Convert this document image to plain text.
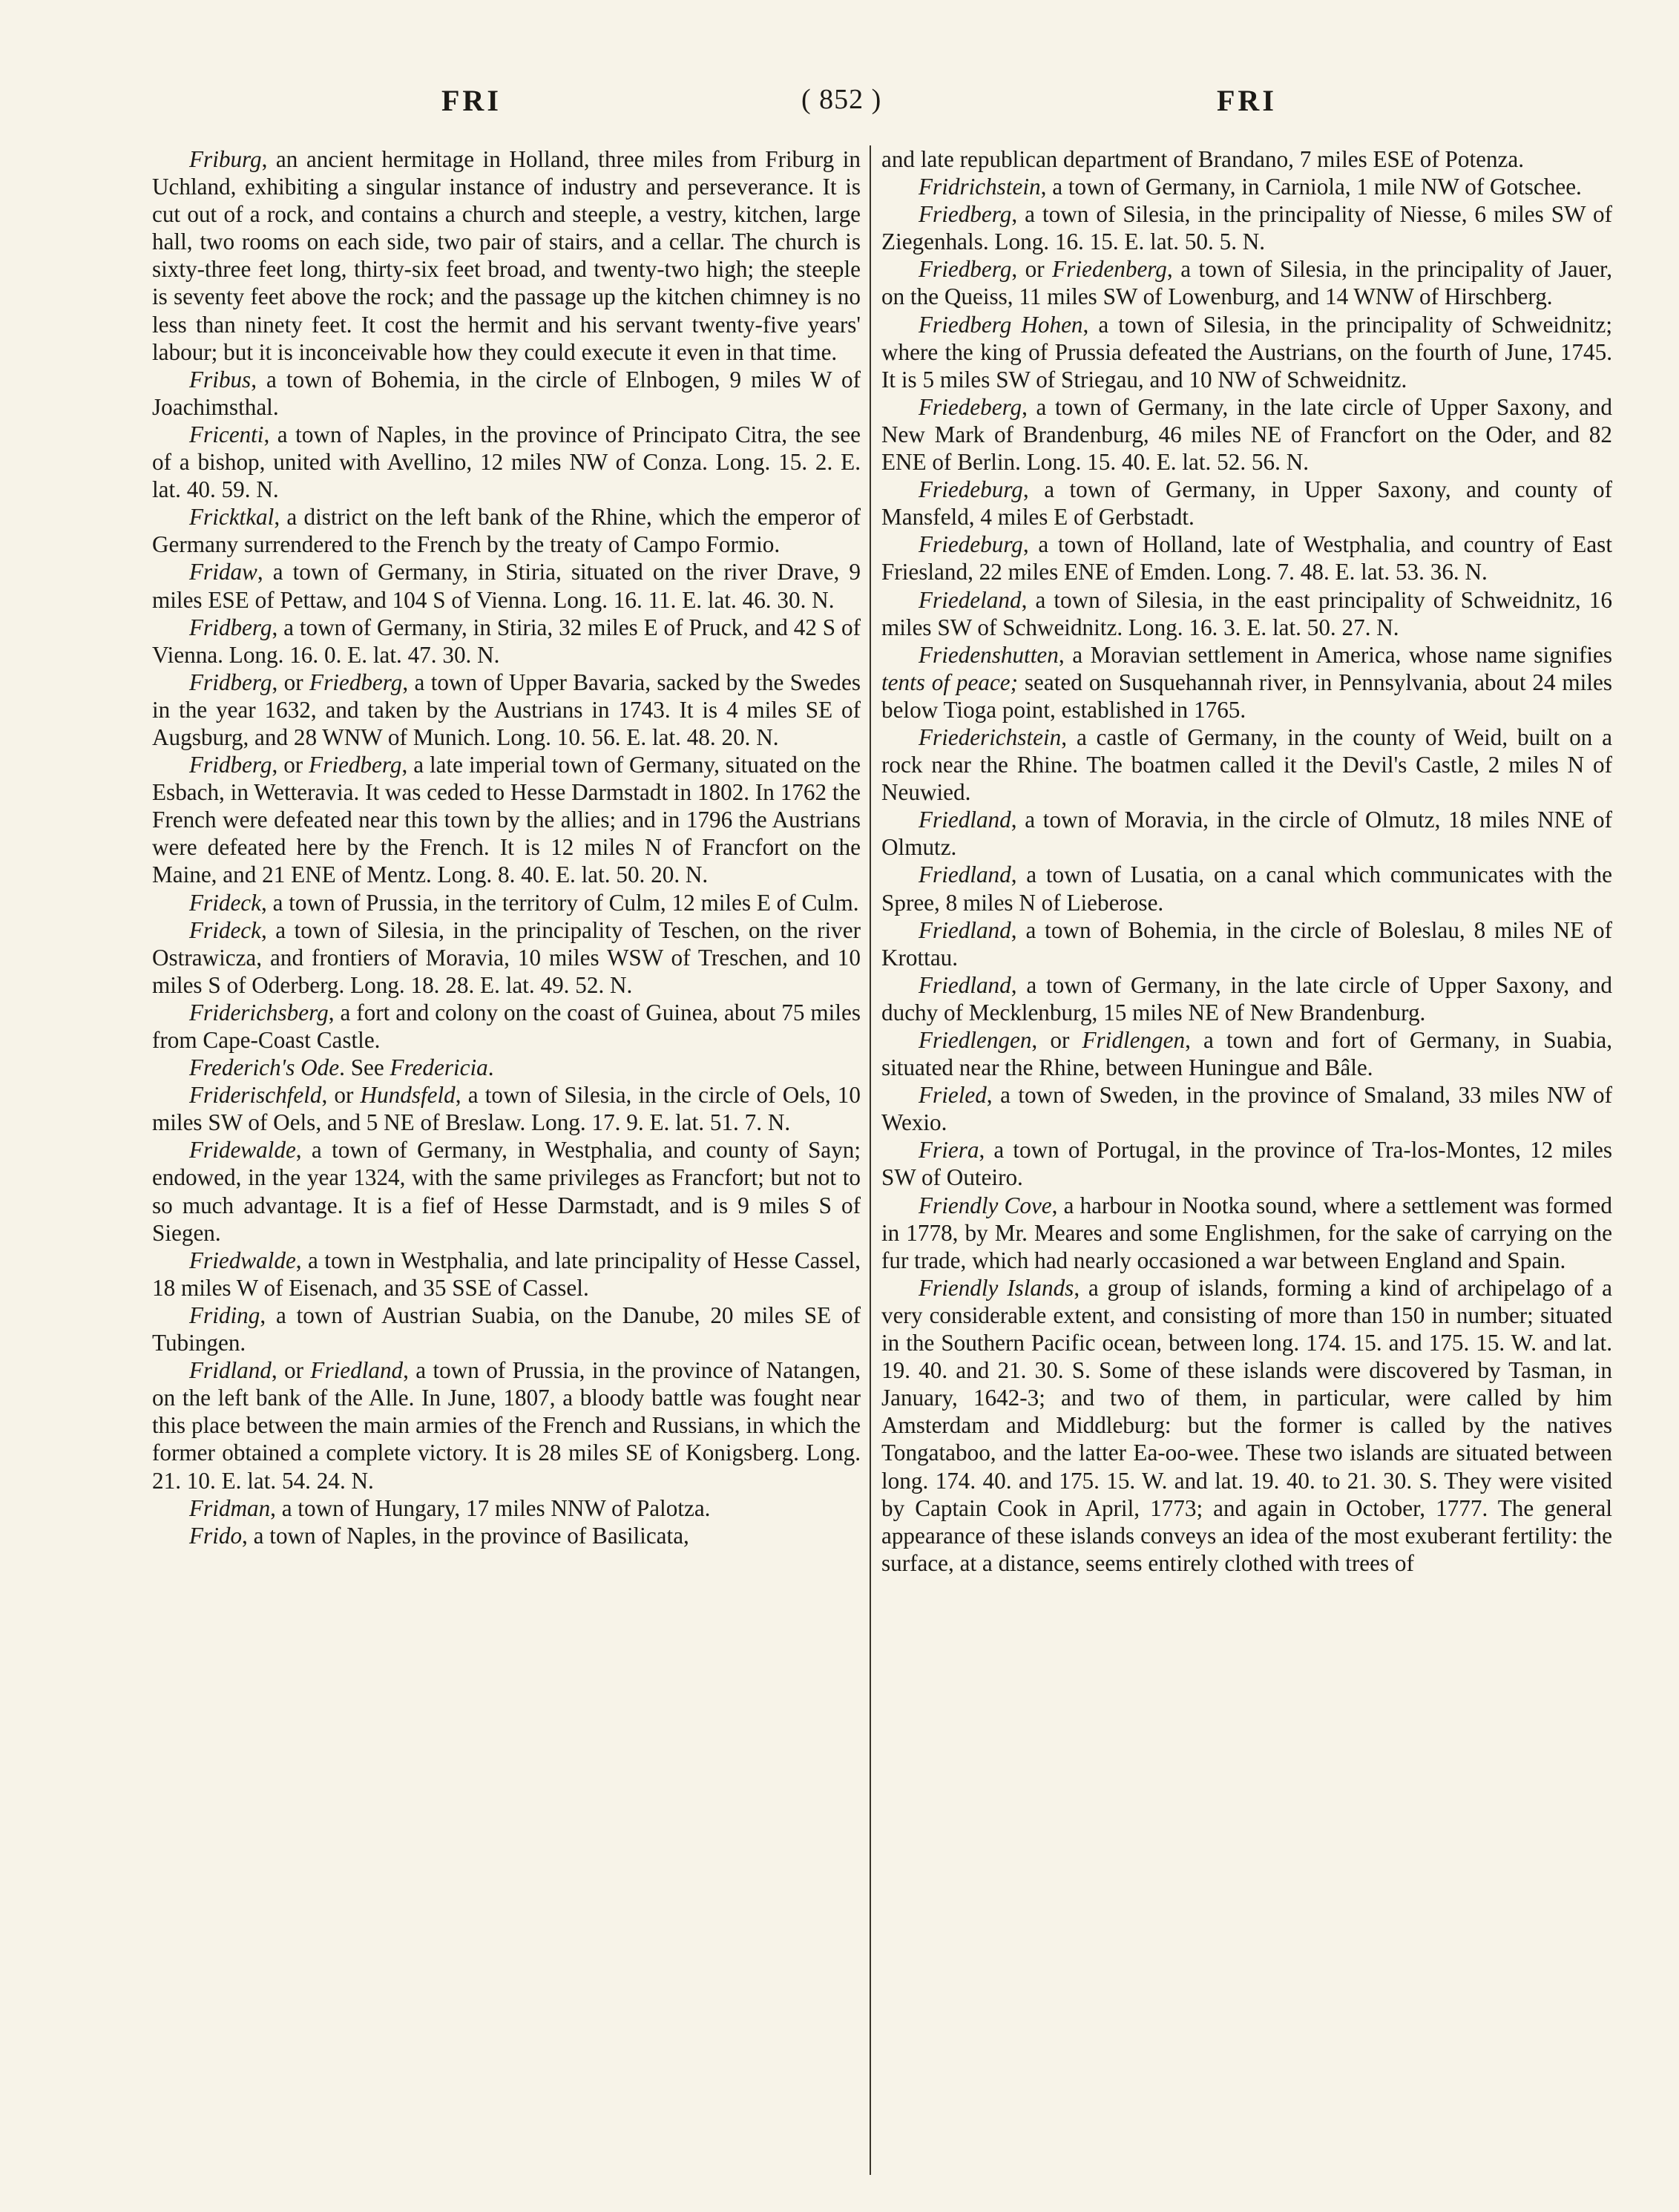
FRI	( 852 )	FRI

Friburg, an ancient hermitage in Holland, three miles from Friburg in Uchland, exhibiting a singular instance of industry and perseverance. It is cut out of a rock, and contains a church and steeple, a vestry, kitchen, large hall, two rooms on each side, two pair of stairs, and a cellar. The church is sixty-three feet long, thirty-six feet broad, and twenty-two high; the steeple is seventy feet above the rock; and the passage up the kitchen chimney is no less than ninety feet. It cost the hermit and his servant twenty-five years' labour; but it is inconceivable how they could execute it even in that time.

Fribus, a town of Bohemia, in the circle of Elnbogen, 9 miles W of Joachimsthal.

Fricenti, a town of Naples, in the province of Principato Citra, the see of a bishop, united with Avellino, 12 miles NW of Conza. Long. 15. 2. E. lat. 40. 59. N.

Fricktkal, a district on the left bank of the Rhine, which the emperor of Germany surrendered to the French by the treaty of Campo Formio.

Fridaw, a town of Germany, in Stiria, situated on the river Drave, 9 miles ESE of Pettaw, and 104 S of Vienna. Long. 16. 11. E. lat. 46. 30. N.

Fridberg, a town of Germany, in Stiria, 32 miles E of Pruck, and 42 S of Vienna. Long. 16. 0. E. lat. 47. 30. N.

Fridberg, or Friedberg, a town of Upper Bavaria, sacked by the Swedes in the year 1632, and taken by the Austrians in 1743. It is 4 miles SE of Augsburg, and 28 WNW of Munich. Long. 10. 56. E. lat. 48. 20. N.

Fridberg, or Friedberg, a late imperial town of Germany, situated on the Esbach, in Wetteravia. It was ceded to Hesse Darmstadt in 1802. In 1762 the French were defeated near this town by the allies; and in 1796 the Austrians were defeated here by the French. It is 12 miles N of Francfort on the Maine, and 21 ENE of Mentz. Long. 8. 40. E. lat. 50. 20. N.

Frideck, a town of Prussia, in the territory of Culm, 12 miles E of Culm.

Frideck, a town of Silesia, in the principality of Teschen, on the river Ostrawicza, and frontiers of Moravia, 10 miles WSW of Treschen, and 10 miles S of Oderberg. Long. 18. 28. E. lat. 49. 52. N.

Friderichsberg, a fort and colony on the coast of Guinea, about 75 miles from Cape-Coast Castle.

Frederich's Ode. See Fredericia.

Friderischfeld, or Hundsfeld, a town of Silesia, in the circle of Oels, 10 miles SW of Oels, and 5 NE of Breslaw. Long. 17. 9. E. lat. 51. 7. N.

Fridewalde, a town of Germany, in Westphalia, and county of Sayn; endowed, in the year 1324, with the same privileges as Francfort; but not to so much advantage. It is a fief of Hesse Darmstadt, and is 9 miles S of Siegen.

Friedwalde, a town in Westphalia, and late principality of Hesse Cassel, 18 miles W of Eisenach, and 35 SSE of Cassel.

Friding, a town of Austrian Suabia, on the Danube, 20 miles SE of Tubingen.

Fridland, or Friedland, a town of Prussia, in the province of Natangen, on the left bank of the Alle. In June, 1807, a bloody battle was fought near this place between the main armies of the French and Russians, in which the former obtained a complete victory. It is 28 miles SE of Konigsberg. Long. 21. 10. E. lat. 54. 24. N.

Fridman, a town of Hungary, 17 miles NNW of Palotza.

Frido, a town of Naples, in the province of Basilicata,

and late republican department of Brandano, 7 miles ESE of Potenza.

Fridrichstein, a town of Germany, in Carniola, 1 mile NW of Gotschee.

Friedberg, a town of Silesia, in the principality of Niesse, 6 miles SW of Ziegenhals. Long. 16. 15. E. lat. 50. 5. N.

Friedberg, or Friedenberg, a town of Silesia, in the principality of Jauer, on the Queiss, 11 miles SW of Lowenburg, and 14 WNW of Hirschberg.

Friedberg Hohen, a town of Silesia, in the principality of Schweidnitz; where the king of Prussia defeated the Austrians, on the fourth of June, 1745. It is 5 miles SW of Striegau, and 10 NW of Schweidnitz.

Friedeberg, a town of Germany, in the late circle of Upper Saxony, and New Mark of Brandenburg, 46 miles NE of Francfort on the Oder, and 82 ENE of Berlin. Long. 15. 40. E. lat. 52. 56. N.

Friedeburg, a town of Germany, in Upper Saxony, and county of Mansfeld, 4 miles E of Gerbstadt.

Friedeburg, a town of Holland, late of Westphalia, and country of East Friesland, 22 miles ENE of Emden. Long. 7. 48. E. lat. 53. 36. N.

Friedeland, a town of Silesia, in the east principality of Schweidnitz, 16 miles SW of Schweidnitz. Long. 16. 3. E. lat. 50. 27. N.

Friedenshutten, a Moravian settlement in America, whose name signifies tents of peace; seated on Susquehannah river, in Pennsylvania, about 24 miles below Tioga point, established in 1765.

Friederichstein, a castle of Germany, in the county of Weid, built on a rock near the Rhine. The boatmen called it the Devil's Castle, 2 miles N of Neuwied.

Friedland, a town of Moravia, in the circle of Olmutz, 18 miles NNE of Olmutz.

Friedland, a town of Lusatia, on a canal which communicates with the Spree, 8 miles N of Lieberose.

Friedland, a town of Bohemia, in the circle of Boleslau, 8 miles NE of Krottau.

Friedland, a town of Germany, in the late circle of Upper Saxony, and duchy of Mecklenburg, 15 miles NE of New Brandenburg.

Friedlengen, or Fridlengen, a town and fort of Germany, in Suabia, situated near the Rhine, between Huningue and Bâle.

Frieled, a town of Sweden, in the province of Smaland, 33 miles NW of Wexio.

Friera, a town of Portugal, in the province of Tra-los-Montes, 12 miles SW of Outeiro.

Friendly Cove, a harbour in Nootka sound, where a settlement was formed in 1778, by Mr. Meares and some Englishmen, for the sake of carrying on the fur trade, which had nearly occasioned a war between England and Spain.

Friendly Islands, a group of islands, forming a kind of archipelago of a very considerable extent, and consisting of more than 150 in number; situated in the Southern Pacific ocean, between long. 174. 15. and 175. 15. W. and lat. 19. 40. and 21. 30. S. Some of these islands were discovered by Tasman, in January, 1642-3; and two of them, in particular, were called by him Amsterdam and Middleburg: but the former is called by the natives Tongataboo, and the latter Ea-oo-wee. These two islands are situated between long. 174. 40. and 175. 15. W. and lat. 19. 40. to 21. 30. S. They were visited by Captain Cook in April, 1773; and again in October, 1777. The general appearance of these islands conveys an idea of the most exuberant fertility: the surface, at a distance, seems entirely clothed with trees of
